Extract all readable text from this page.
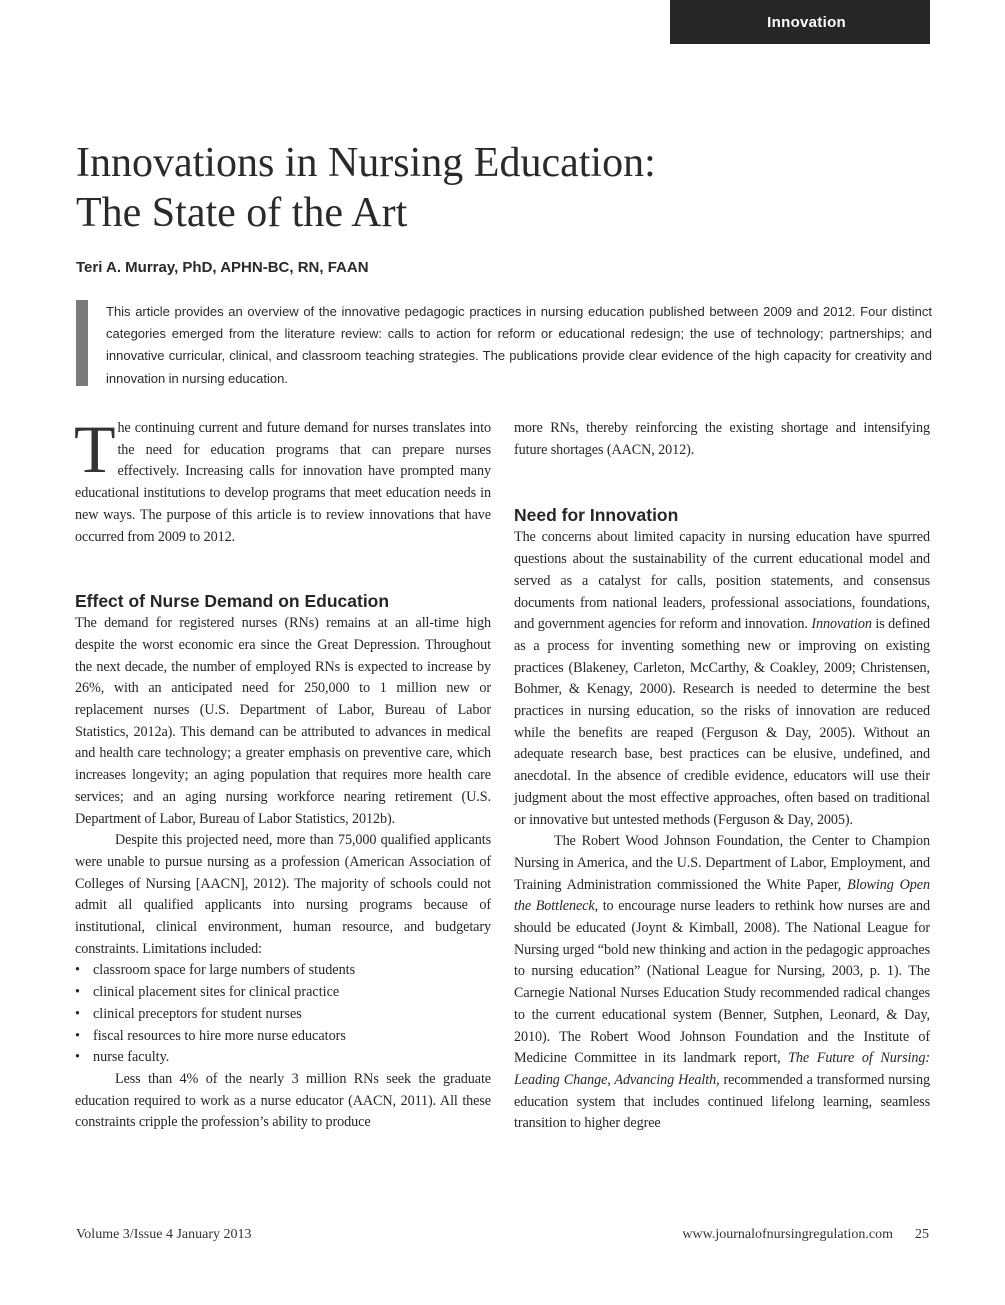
Innovation
Innovations in Nursing Education:
The State of the Art
Teri A. Murray, PhD, APHN-BC, RN, FAAN

This article provides an overview of the innovative pedagogic practices in nursing education published between 2009 and 2012. Four distinct categories emerged from the literature review: calls to action for reform or educational redesign; the use of technology; partnerships; and innovative curricular, clinical, and classroom teaching strategies. The publications provide clear evidence of the high capacity for creativity and innovation in nursing education.

The continuing current and future demand for nurses translates into the need for education programs that can prepare nurses effectively. Increasing calls for innovation have prompted many educational institutions to develop programs that meet education needs in new ways. The purpose of this article is to review innovations that have occurred from 2009 to 2012.

Effect of Nurse Demand on Education

The demand for registered nurses (RNs) remains at an all-time high despite the worst economic era since the Great Depression. Throughout the next decade, the number of employed RNs is expected to increase by 26%, with an anticipated need for 250,000 to 1 million new or replacement nurses (U.S. Department of Labor, Bureau of Labor Statistics, 2012a). This demand can be attributed to advances in medical and health care technology; a greater emphasis on preventive care, which increases longevity; an aging population that requires more health care services; and an aging nursing workforce nearing retirement (U.S. Department of Labor, Bureau of Labor Statistics, 2012b).

Despite this projected need, more than 75,000 qualified applicants were unable to pursue nursing as a profession (American Association of Colleges of Nursing [AACN], 2012). The majority of schools could not admit all qualified applicants into nursing programs because of institutional, clinical environment, human resource, and budgetary constraints. Limitations included:

• classroom space for large numbers of students
• clinical placement sites for clinical practice
• clinical preceptors for student nurses
• fiscal resources to hire more nurse educators
• nurse faculty.

Less than 4% of the nearly 3 million RNs seek the graduate education required to work as a nurse educator (AACN, 2011). All these constraints cripple the profession’s ability to produce

more RNs, thereby reinforcing the existing shortage and intensifying future shortages (AACN, 2012).

Need for Innovation

The concerns about limited capacity in nursing education have spurred questions about the sustainability of the current educational model and served as a catalyst for calls, position statements, and consensus documents from national leaders, professional associations, foundations, and government agencies for reform and innovation. Innovation is defined as a process for inventing something new or improving on existing practices (Blakeney, Carleton, McCarthy, & Coakley, 2009; Christensen, Bohmer, & Kenagy, 2000). Research is needed to determine the best practices in nursing education, so the risks of innovation are reduced while the benefits are reaped (Ferguson & Day, 2005). Without an adequate research base, best practices can be elusive, undefined, and anecdotal. In the absence of credible evidence, educators will use their judgment about the most effective approaches, often based on traditional or innovative but untested methods (Ferguson & Day, 2005).

The Robert Wood Johnson Foundation, the Center to Champion Nursing in America, and the U.S. Department of Labor, Employment, and Training Administration commissioned the White Paper, Blowing Open the Bottleneck, to encourage nurse leaders to rethink how nurses are and should be educated (Joynt & Kimball, 2008). The National League for Nursing urged “bold new thinking and action in the pedagogic approaches to nursing education” (National League for Nursing, 2003, p. 1). The Carnegie National Nurses Education Study recommended radical changes to the current educational system (Benner, Sutphen, Leonard, & Day, 2010). The Robert Wood Johnson Foundation and the Institute of Medicine Committee in its landmark report, The Future of Nursing: Leading Change, Advancing Health, recommended a transformed nursing education system that includes continued lifelong learning, seamless transition to higher degree

Volume 3/Issue 4 January 2013	www.journalofnursingregulation.com 25
